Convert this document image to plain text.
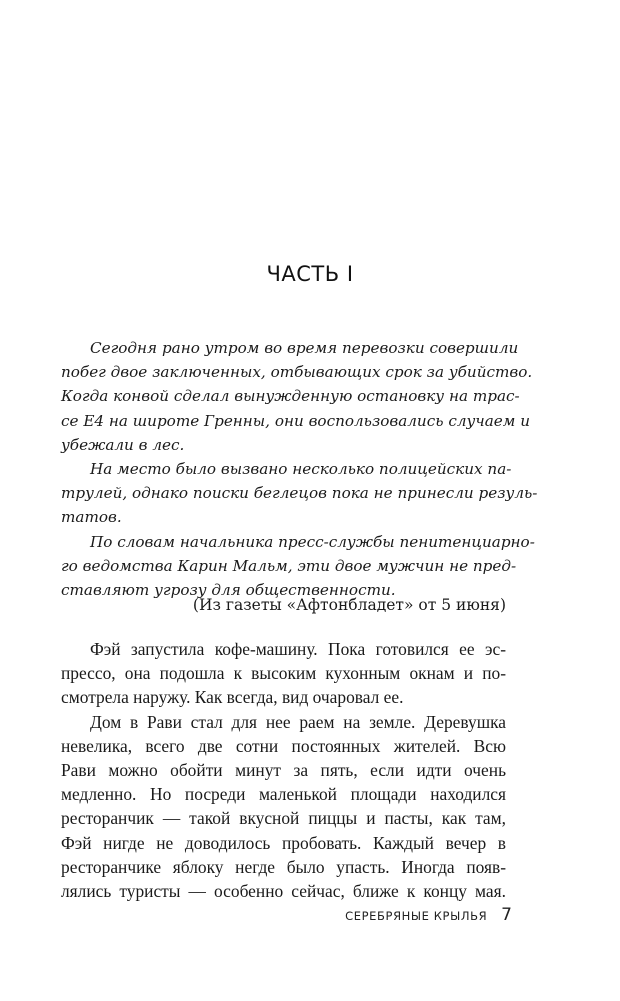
ЧАСТЬ I
Сегодня рано утром во время перевозки совершили
побег двое заключенных, отбывающих срок за убийство.
Когда конвой сделал вынужденную остановку на трас-
се Е4 на широте Гренны, они воспользовались случаем и
убежали в лес.
На место было вызвано несколько полицейских па-
трулей, однако поиски беглецов пока не принесли резуль-
татов.
По словам начальника пресс-службы пенитенциарно-
го ведомства Карин Мальм, эти двое мужчин не пред-
ставляют угрозу для общественности.
(Из газеты «Афтонбладет» от 5 июня)
Фэй запустила кофе-машину. Пока готовился ее эс-
прессо, она подошла к высоким кухонным окнам и по-
смотрела наружу. Как всегда, вид очаровал ее.
Дом в Рави стал для нее раем на земле. Деревушка
невелика, всего две сотни постоянных жителей. Всю
Рави можно обойти минут за пять, если идти очень
медленно. Но посреди маленькой площади находился
ресторанчик — такой вкусной пиццы и пасты, как там,
Фэй нигде не доводилось пробовать. Каждый вечер в
ресторанчике яблоку негде было упасть. Иногда появ-
лялись туристы — особенно сейчас, ближе к концу мая.
СЕРЕБРЯНЫЕ КРЫЛЬЯ 7
